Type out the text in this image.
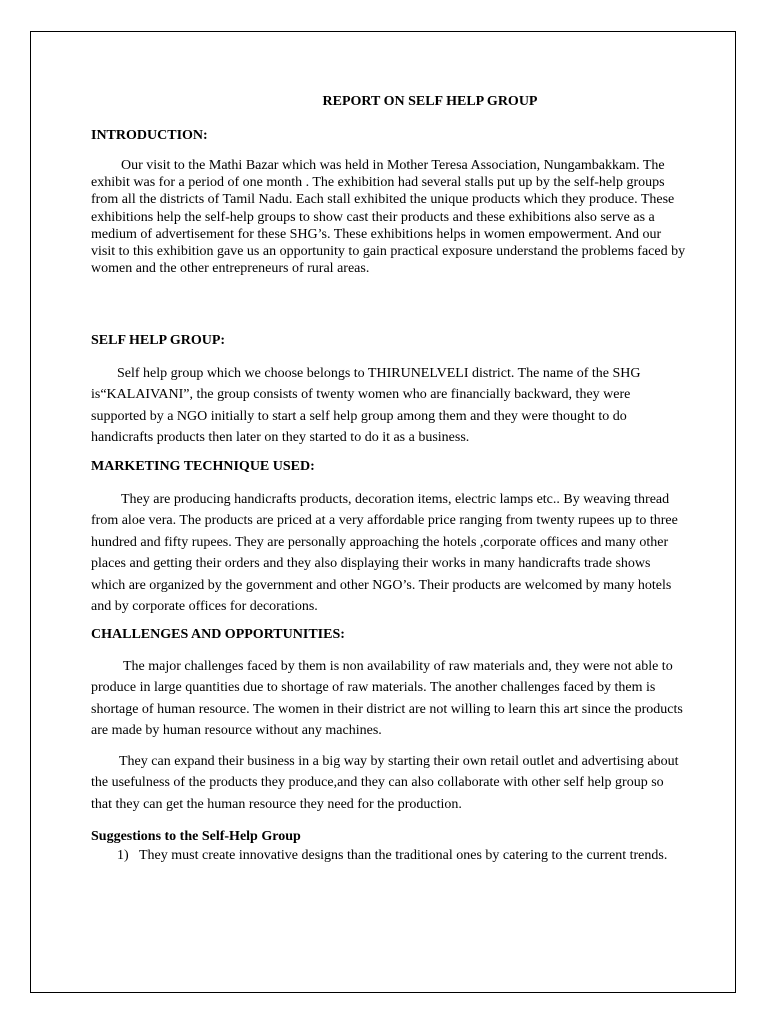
REPORT ON SELF HELP GROUP
INTRODUCTION:

Our visit to the Mathi Bazar which was held in Mother Teresa Association, Nungambakkam. The exhibit was for a period of one month . The exhibition had several stalls put up by the self-help groups from all the districts of Tamil Nadu. Each stall exhibited the unique products which they produce. These exhibitions help the self-help groups to show cast their products and these exhibitions also serve as a medium of advertisement for these SHG’s. These exhibitions helps in women empowerment. And our visit to this exhibition gave us an opportunity to gain practical exposure understand the problems faced by women and the other entrepreneurs of rural areas.

SELF HELP GROUP:

Self help group which we choose belongs to THIRUNELVELI district. The name of the SHG is“KALAIVANI”, the group consists of twenty women who are financially backward, they were supported by a NGO initially to start a self help group among them and they were thought to do handicrafts products then later on they started to do it as a business.

MARKETING TECHNIQUE USED:

They are producing handicrafts products, decoration items, electric lamps etc.. By weaving thread from aloe vera. The products are priced at a very affordable price ranging from twenty rupees up to three hundred and fifty rupees. They are personally approaching the hotels ,corporate offices and many other places and getting their orders and they also displaying their works in many handicrafts trade shows which are organized by the government and other NGO’s. Their products are welcomed by many hotels and by corporate offices for decorations.

CHALLENGES AND OPPORTUNITIES:

The major challenges faced by them is non availability of raw materials and, they were not able to produce in large quantities due to shortage of raw materials. The another challenges faced by them is shortage of human resource. The women in their district are not willing to learn this art since the products are made by human resource without any machines.

They can expand their business in a big way by starting their own retail outlet and advertising about the usefulness of the products they produce,and they can also collaborate with other self help group so that they can get the human resource they need for the production.

Suggestions to the Self-Help Group
1) They must create innovative designs than the traditional ones by catering to the current trends.
